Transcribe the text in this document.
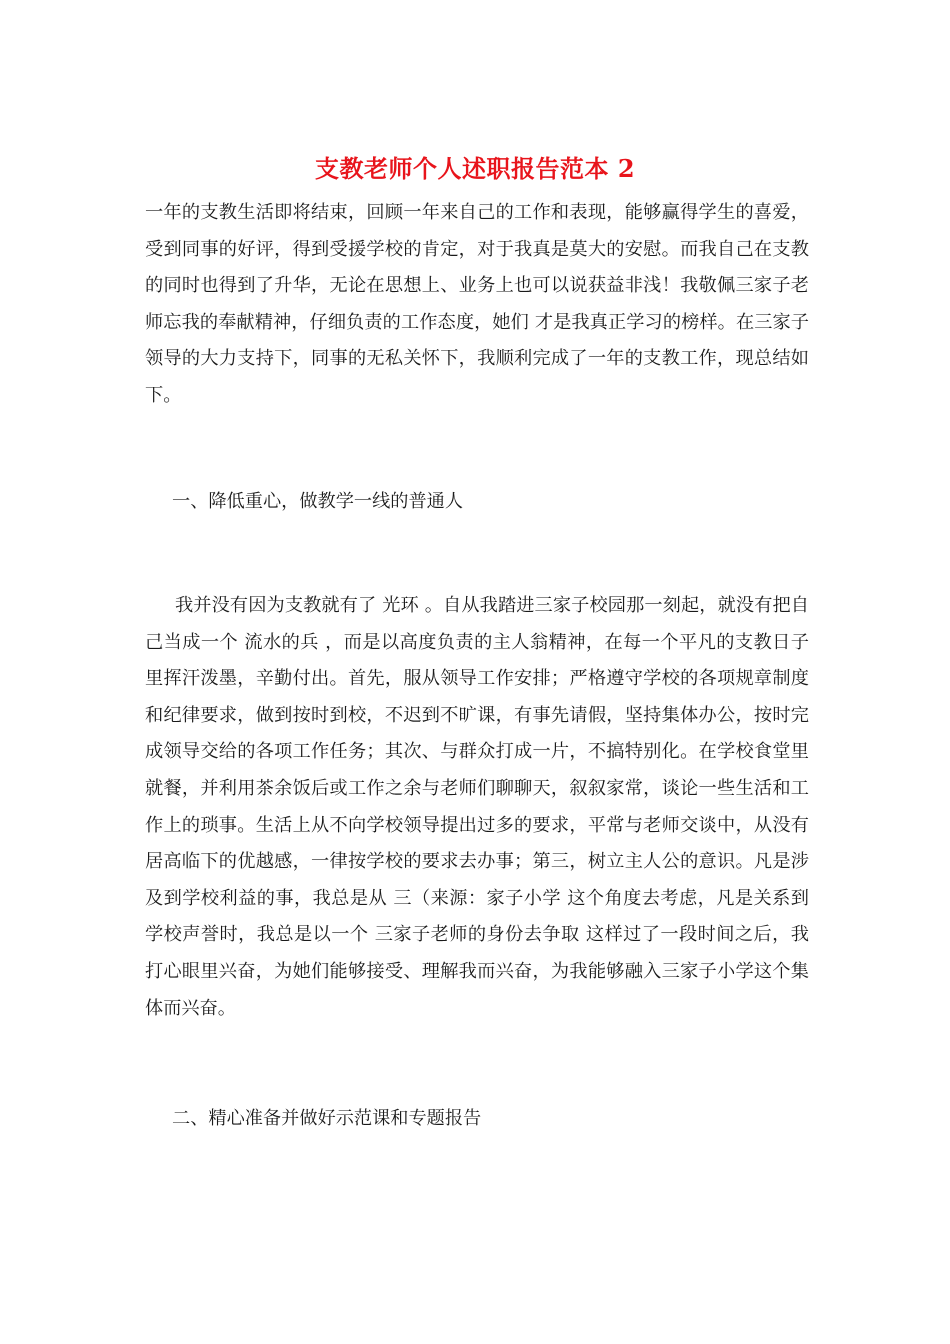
支教老师个人述职报告范本 2

一年的支教生活即将结束，回顾一年来自己的工作和表现，能够赢得学生的喜爱，受到同事的好评，得到受援学校的肯定，对于我真是莫大的安慰。而我自己在支教的同时也得到了升华，无论在思想上、业务上也可以说获益非浅！我敬佩三家子老师忘我的奉献精神，仔细负责的工作态度，她们 才是我真正学习的榜样。在三家子领导的大力支持下，同事的无私关怀下，我顺利完成了一年的支教工作，现总结如下。

一、降低重心，做教学一线的普通人

我并没有因为支教就有了 光环 。自从我踏进三家子校园那一刻起，就没有把自己当成一个 流水的兵 ，而是以高度负责的主人翁精神，在每一个平凡的支教日子里挥汗泼墨，辛勤付出。首先，服从领导工作安排；严格遵守学校的各项规章制度和纪律要求，做到按时到校，不迟到不旷课，有事先请假，坚持集体办公，按时完成领导交给的各项工作任务；其次、与群众打成一片，不搞特别化。在学校食堂里就餐，并利用茶余饭后或工作之余与老师们聊聊天，叙叙家常，谈论一些生活和工作上的琐事。生活上从不向学校领导提出过多的要求，平常与老师交谈中，从没有居高临下的优越感，一律按学校的要求去办事；第三，树立主人公的意识。凡是涉及到学校利益的事，我总是从 三（来源：家子小学 这个角度去考虑，凡是关系到学校声誉时，我总是以一个 三家子老师的身份去争取 这样过了一段时间之后，我打心眼里兴奋，为她们能够接受、理解我而兴奋，为我能够融入三家子小学这个集体而兴奋。

二、精心准备并做好示范课和专题报告
